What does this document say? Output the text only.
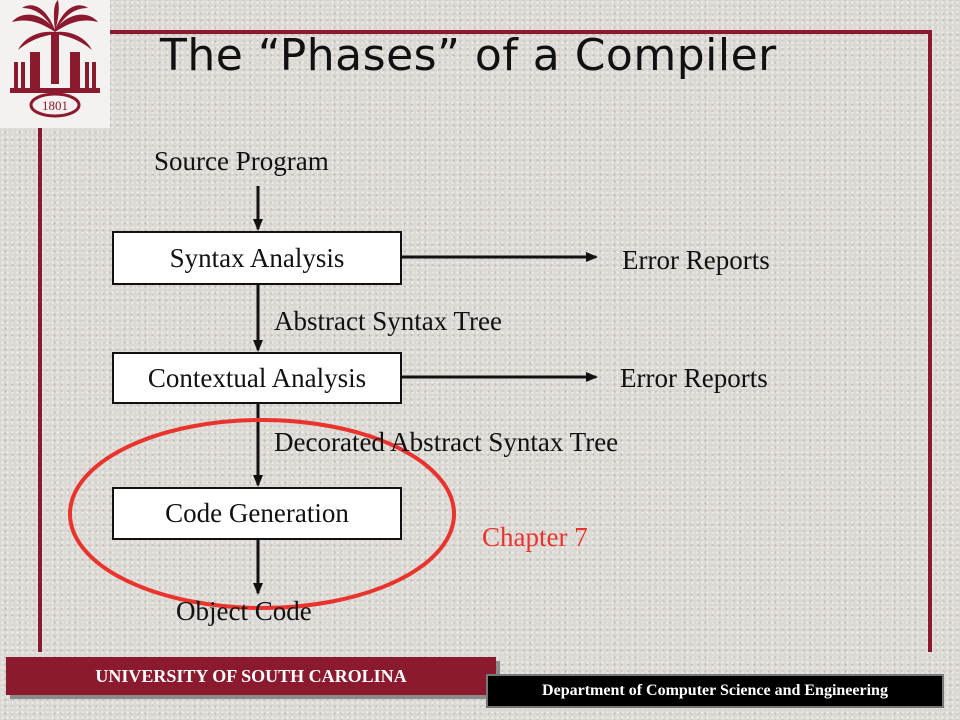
1801
The “Phases” of a Compiler
Source Program
Syntax Analysis	Error Reports
Abstract Syntax Tree
Contextual Analysis	Error Reports
Decorated Abstract Syntax Tree
Code Generation
Chapter 7
Object Code
UNIVERSITY OF SOUTH CAROLINA
Department of Computer Science and Engineering
